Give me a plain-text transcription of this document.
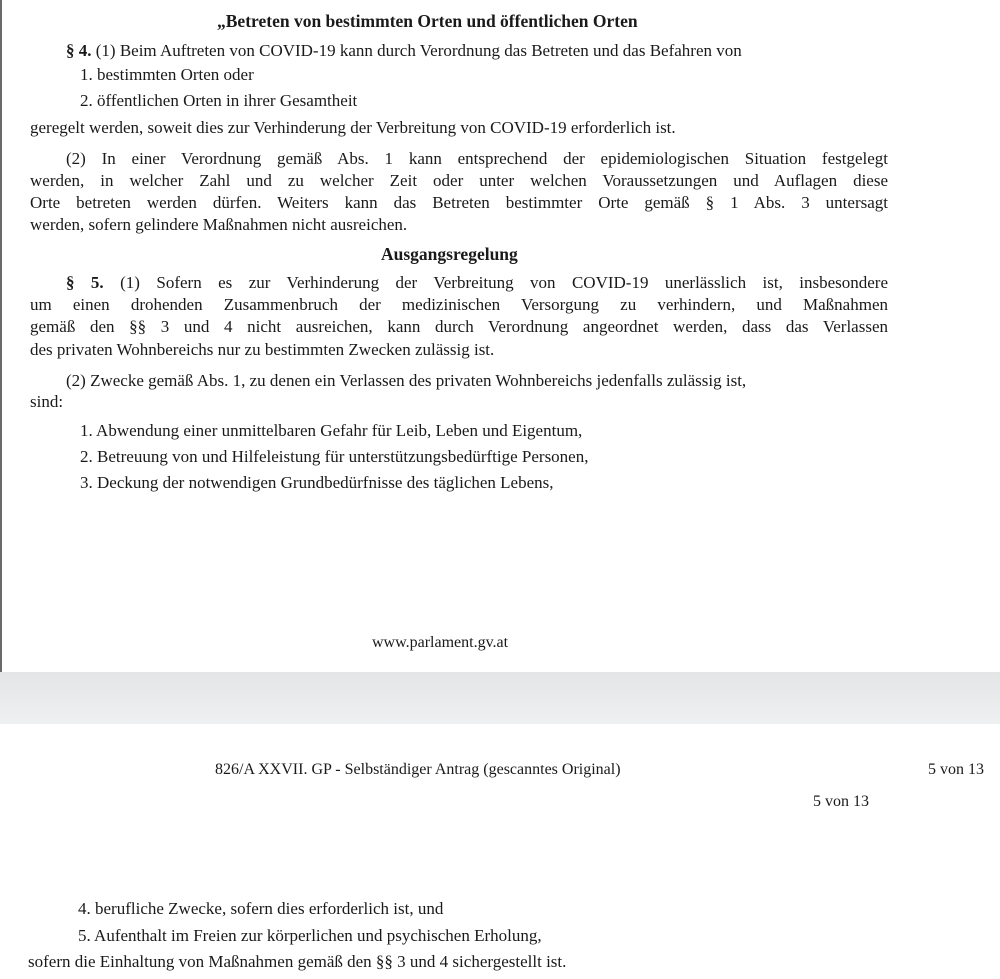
„Betreten von bestimmten Orten und öffentlichen Orten
§ 4. (1) Beim Auftreten von COVID-19 kann durch Verordnung das Betreten und das Befahren von
1. bestimmten Orten oder
2. öffentlichen Orten in ihrer Gesamtheit
geregelt werden, soweit dies zur Verhinderung der Verbreitung von COVID-19 erforderlich ist.
(2) In einer Verordnung gemäß Abs. 1 kann entsprechend der epidemiologischen Situation festgelegt
werden, in welcher Zahl und zu welcher Zeit oder unter welchen Voraussetzungen und Auflagen diese
Orte betreten werden dürfen. Weiters kann das Betreten bestimmter Orte gemäß § 1 Abs. 3 untersagt
werden, sofern gelindere Maßnahmen nicht ausreichen.
Ausgangsregelung
§ 5. (1) Sofern es zur Verhinderung der Verbreitung von COVID-19 unerlässlich ist, insbesondere
um einen drohenden Zusammenbruch der medizinischen Versorgung zu verhindern, und Maßnahmen
gemäß den §§ 3 und 4 nicht ausreichen, kann durch Verordnung angeordnet werden, dass das Verlassen
des privaten Wohnbereichs nur zu bestimmten Zwecken zulässig ist.
(2) Zwecke gemäß Abs. 1, zu denen ein Verlassen des privaten Wohnbereichs jedenfalls zulässig ist,
sind:
1. Abwendung einer unmittelbaren Gefahr für Leib, Leben und Eigentum,
2. Betreuung von und Hilfeleistung für unterstützungsbedürftige Personen,
3. Deckung der notwendigen Grundbedürfnisse des täglichen Lebens,
www.parlament.gv.at
826/A XXVII. GP - Selbständiger Antrag (gescanntes Original)	5 von 13
5 von 13
4. berufliche Zwecke, sofern dies erforderlich ist, und
5. Aufenthalt im Freien zur körperlichen und psychischen Erholung,
sofern die Einhaltung von Maßnahmen gemäß den §§ 3 und 4 sichergestellt ist.
